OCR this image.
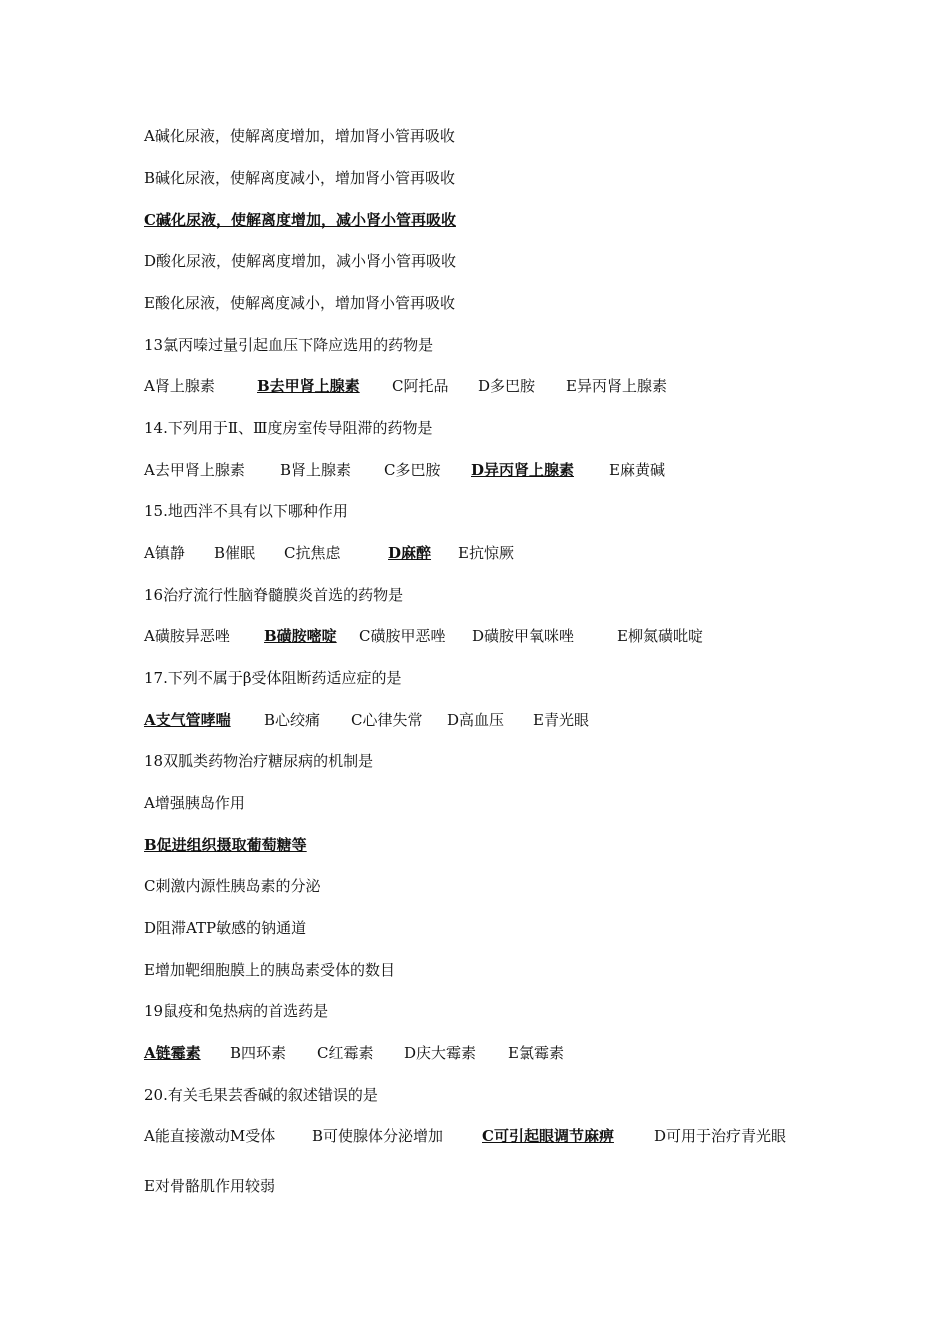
A碱化尿液，使解离度增加，增加肾小管再吸收
B碱化尿液，使解离度减小，增加肾小管再吸收
C碱化尿液，使解离度增加，减小肾小管再吸收
D酸化尿液，使解离度增加，减小肾小管再吸收
E酸化尿液，使解离度减小，增加肾小管再吸收
13氯丙嗪过量引起血压下降应选用的药物是
A肾上腺素	B去甲肾上腺素 C阿托品 D多巴胺 E异丙肾上腺素
14.下列用于Ⅱ、Ⅲ度房室传导阻滞的药物是
A去甲肾上腺素 B肾上腺素 C多巴胺 D异丙肾上腺素 E麻黄碱
15.地西泮不具有以下哪种作用
A镇静 B催眠 C抗焦虑	D麻醉 E抗惊厥
16治疗流行性脑脊髓膜炎首选的药物是
A磺胺异恶唑 B磺胺嘧啶 C磺胺甲恶唑 D磺胺甲氧咪唑	E柳氮磺吡啶
17.下列不属于β受体阻断药适应症的是
A支气管哮喘 B心绞痛 C心律失常 D高血压 E青光眼
18双胍类药物治疗糖尿病的机制是
A增强胰岛作用
B促进组织摄取葡萄糖等
C刺激内源性胰岛素的分泌
D阻滞ATP敏感的钠通道
E增加靶细胞膜上的胰岛素受体的数目
19鼠疫和兔热病的首选药是
A链霉素 B四环素 C红霉素 D庆大霉素 E氯霉素
20.有关毛果芸香碱的叙述错误的是
A能直接激动M受体 B可使腺体分泌增加	C可引起眼调节麻痹	D可用于治疗青光眼
E对骨骼肌作用较弱
